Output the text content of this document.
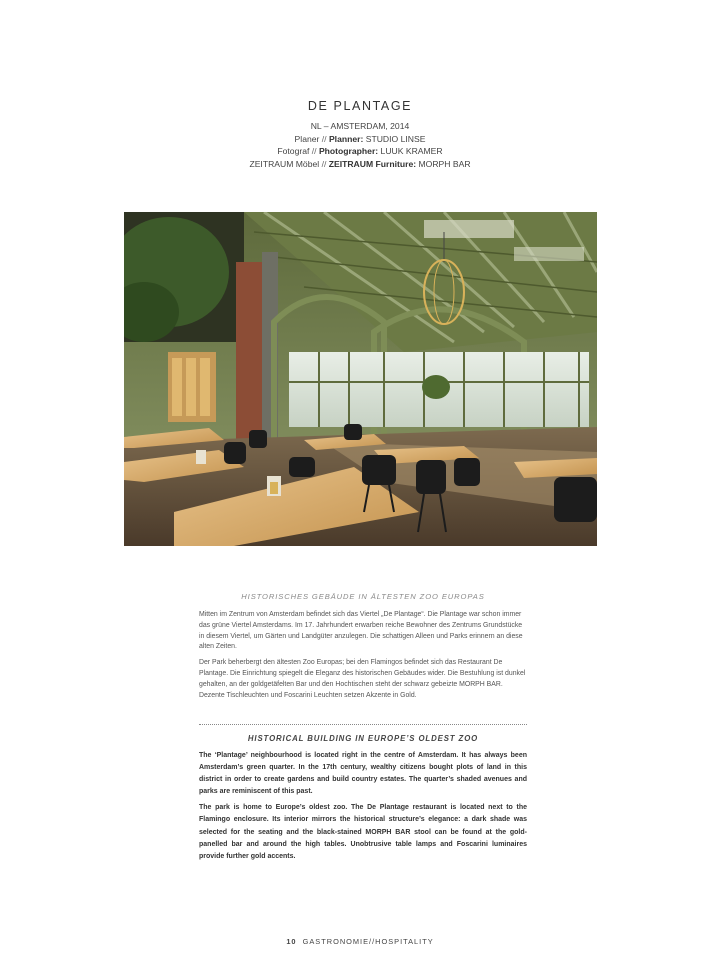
DE PLANTAGE
NL – AMSTERDAM, 2014
Planer // Planner: STUDIO LINSE
Fotograf // Photographer: LUUK KRAMER
ZEITRAUM Möbel // ZEITRAUM Furniture: MORPH BAR
HISTORISCHES GEBÄUDE IN ÄLTESTEN ZOO EUROPAS

Mitten im Zentrum von Amsterdam befindet sich das Viertel „De Plantage“. Die Plantage war schon immer das grüne Viertel Amsterdams. Im 17. Jahrhundert erwarben reiche Bewohner des Zentrums Grundstücke in diesem Viertel, um Gärten und Landgüter anzulegen. Die schattigen Alleen und Parks erinnern an diese alten Zeiten.

Der Park beherbergt den ältesten Zoo Europas; bei den Flamingos befindet sich das Restaurant De Plantage. Die Einrichtung spiegelt die Eleganz des historischen Gebäudes wider. Die Bestuhlung ist dunkel gehalten, an der goldgetäfelten Bar und den Hochtischen steht der schwarz gebeizte MORPH BAR. Dezente Tischleuchten und Foscarini Leuchten setzen Akzente in Gold.

HISTORICAL BUILDING IN EUROPE’S OLDEST ZOO

The ‘Plantage’ neighbourhood is located right in the centre of Amsterdam. It has always been Amsterdam’s green quarter. In the 17th century, wealthy citizens bought plots of land in this district in order to create gardens and build country estates. The quarter’s shaded avenues and parks are reminiscent of this past.

The park is home to Europe’s oldest zoo. The De Plantage restaurant is located next to the Flamingo enclosure. Its interior mirrors the historical structure’s elegance: a dark shade was selected for the seating and the black-stained MORPH BAR stool can be found at the gold-panelled bar and around the high tables. Unobtrusive table lamps and Foscarini luminaires provide further gold accents.

10 GASTRONOMIE//HOSPITALITY
